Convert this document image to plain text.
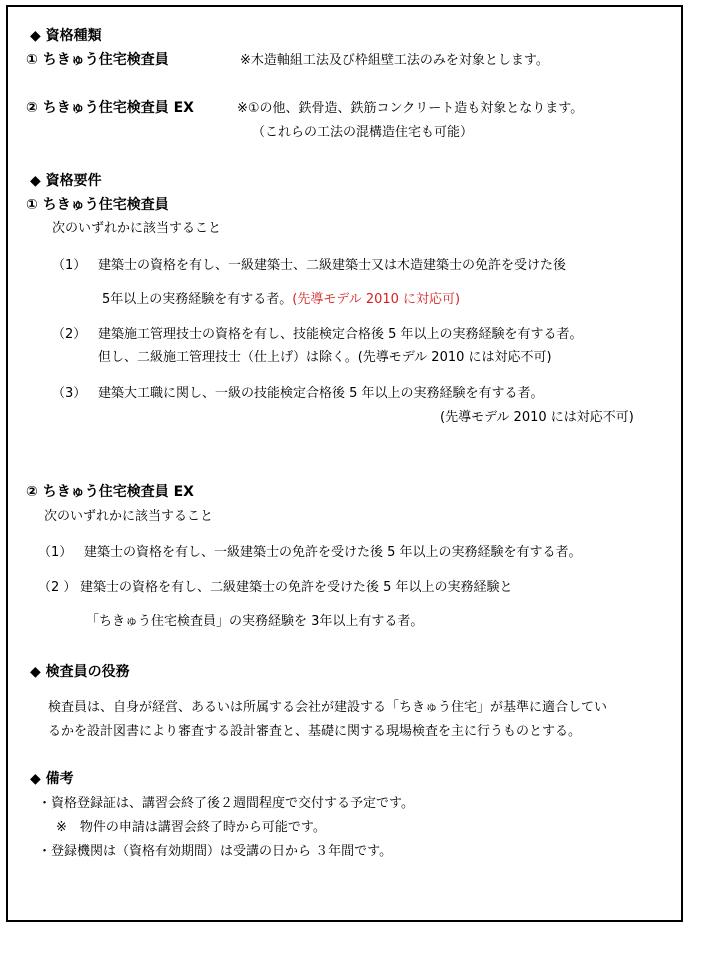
◆ 資格種類
① ちきゅう住宅検査員	※木造軸組工法及び枠組壁工法のみを対象とします。
② ちきゅう住宅検査員 EX	※①の他、鉄骨造、鉄筋コンクリート造も対象となります。
（これらの工法の混構造住宅も可能）
◆ 資格要件
① ちきゅう住宅検査員
次のいずれかに該当すること
（1） 建築士の資格を有し、一級建築士、二級建築士又は木造建築士の免許を受けた後
5年以上の実務経験を有する者。(先導モデル 2010 に対応可)
（2） 建築施工管理技士の資格を有し、技能検定合格後 5 年以上の実務経験を有する者。
但し、二級施工管理技士（仕上げ）は除く。(先導モデル 2010 には対応不可)
（3） 建築大工職に関し、一級の技能検定合格後 5 年以上の実務経験を有する者。
(先導モデル 2010 には対応不可)
② ちきゅう住宅検査員 EX
次のいずれかに該当すること
（1） 建築士の資格を有し、一級建築士の免許を受けた後 5 年以上の実務経験を有する者。
（2 ） 建築士の資格を有し、二級建築士の免許を受けた後 5 年以上の実務経験と
「ちきゅう住宅検査員」の実務経験を 3年以上有する者。
◆ 検査員の役務
検査員は、自身が経営、あるいは所属する会社が建設する「ちきゅう住宅」が基準に適合してい
るかを設計図書により審査する設計審査と、基礎に関する現場検査を主に行うものとする。
◆ 備考
・資格登録証は、講習会終了後２週間程度で交付する予定です。
※　物件の申請は講習会終了時から可能です。
・登録機関は（資格有効期間）は受講の日から ３年間です。
